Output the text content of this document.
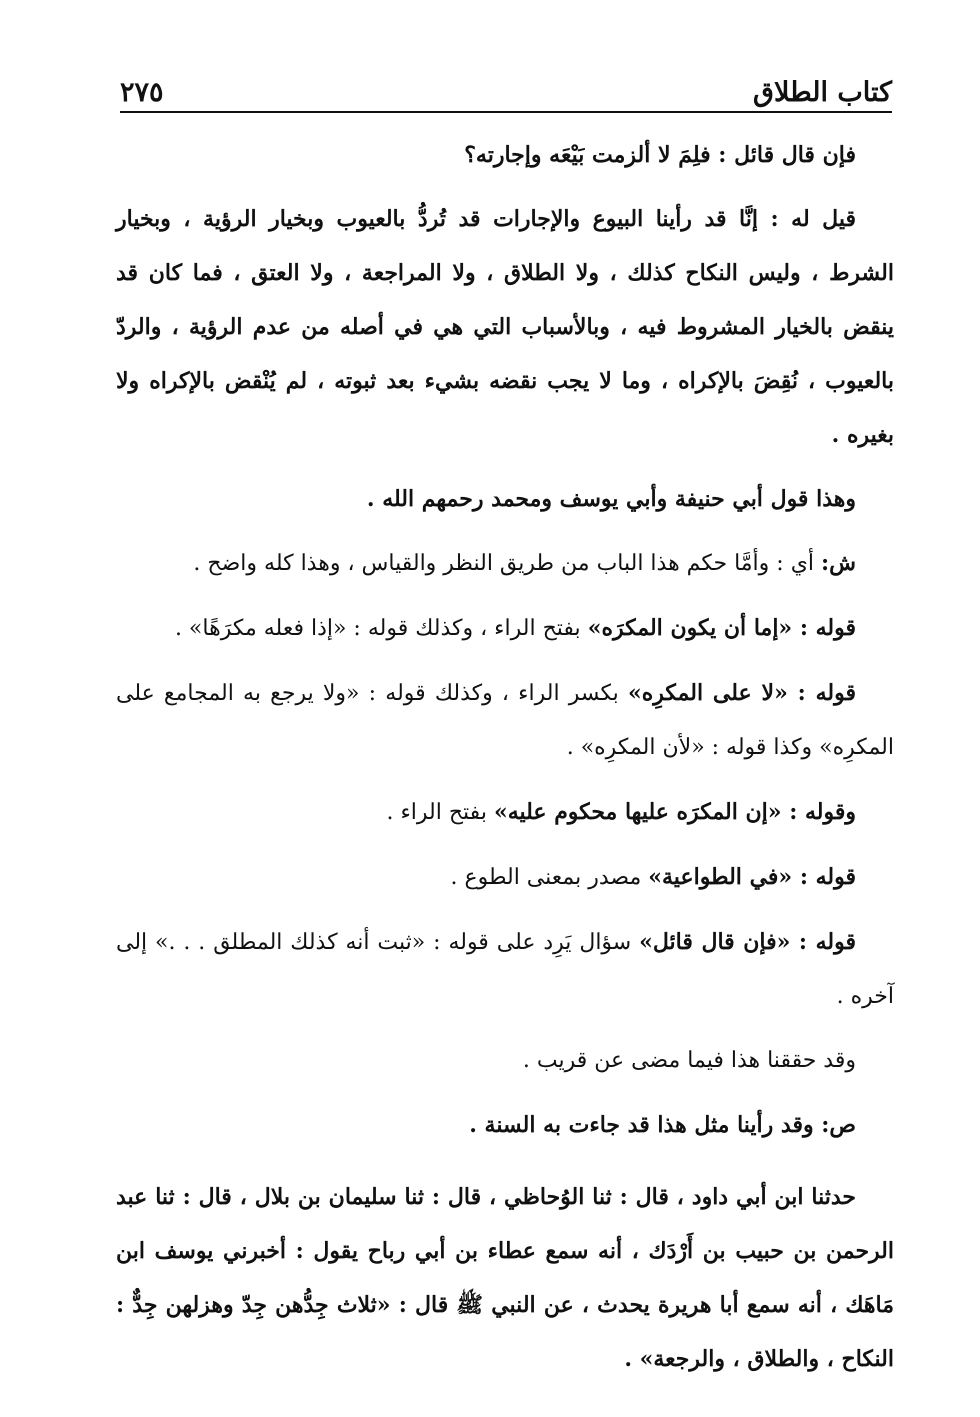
كتاب الطلاق
٢٧٥

فإن قال قائل : فلِمَ لا ألزمت بَيْعَه وإجارته؟

قيل له : إنَّا قد رأينا البيوع والإجارات قد تُردُّ بالعيوب وبخيار الرؤية ، وبخيار الشرط ، وليس النكاح كذلك ، ولا الطلاق ، ولا المراجعة ، ولا العتق ، فما كان قد ينقض بالخيار المشروط فيه ، وبالأسباب التي هي في أصله من عدم الرؤية ، والردّ بالعيوب ، نُقِضَ بالإكراه ، وما لا يجب نقضه بشيء بعد ثبوته ، لم يُنْقض بالإكراه ولا بغيره .

وهذا قول أبي حنيفة وأبي يوسف ومحمد رحمهم الله .

ش: أي : وأمَّا حكم هذا الباب من طريق النظر والقياس ، وهذا كله واضح .

قوله : «إما أن يكون المكرَه» بفتح الراء ، وكذلك قوله : «إذا فعله مكرَهًا» .

قوله : «لا على المكرِه» بكسر الراء ، وكذلك قوله : «ولا يرجع به المجامع على المكرِه» وكذا قوله : «لأن المكرِه» .

وقوله : «إن المكرَه عليها محكوم عليه» بفتح الراء .

قوله : «في الطواعية» مصدر بمعنى الطوع .

قوله : «فإن قال قائل» سؤال يَرِد على قوله : «ثبت أنه كذلك المطلق . . .» إلى آخره .

وقد حققنا هذا فيما مضى عن قريب .

ص: وقد رأينا مثل هذا قد جاءت به السنة .

حدثنا ابن أبي داود ، قال : ثنا الوُحاظي ، قال : ثنا سليمان بن بلال ، قال : ثنا عبد الرحمن بن حبيب بن أَرْدَك ، أنه سمع عطاء بن أبي رباح يقول : أخبرني يوسف ابن مَاهَك ، أنه سمع أبا هريرة يحدث ، عن النبي ﷺ قال : «ثلاث جِدُّهن جِدّ وهزلهن جِدٌّ : النكاح ، والطلاق ، والرجعة» .
